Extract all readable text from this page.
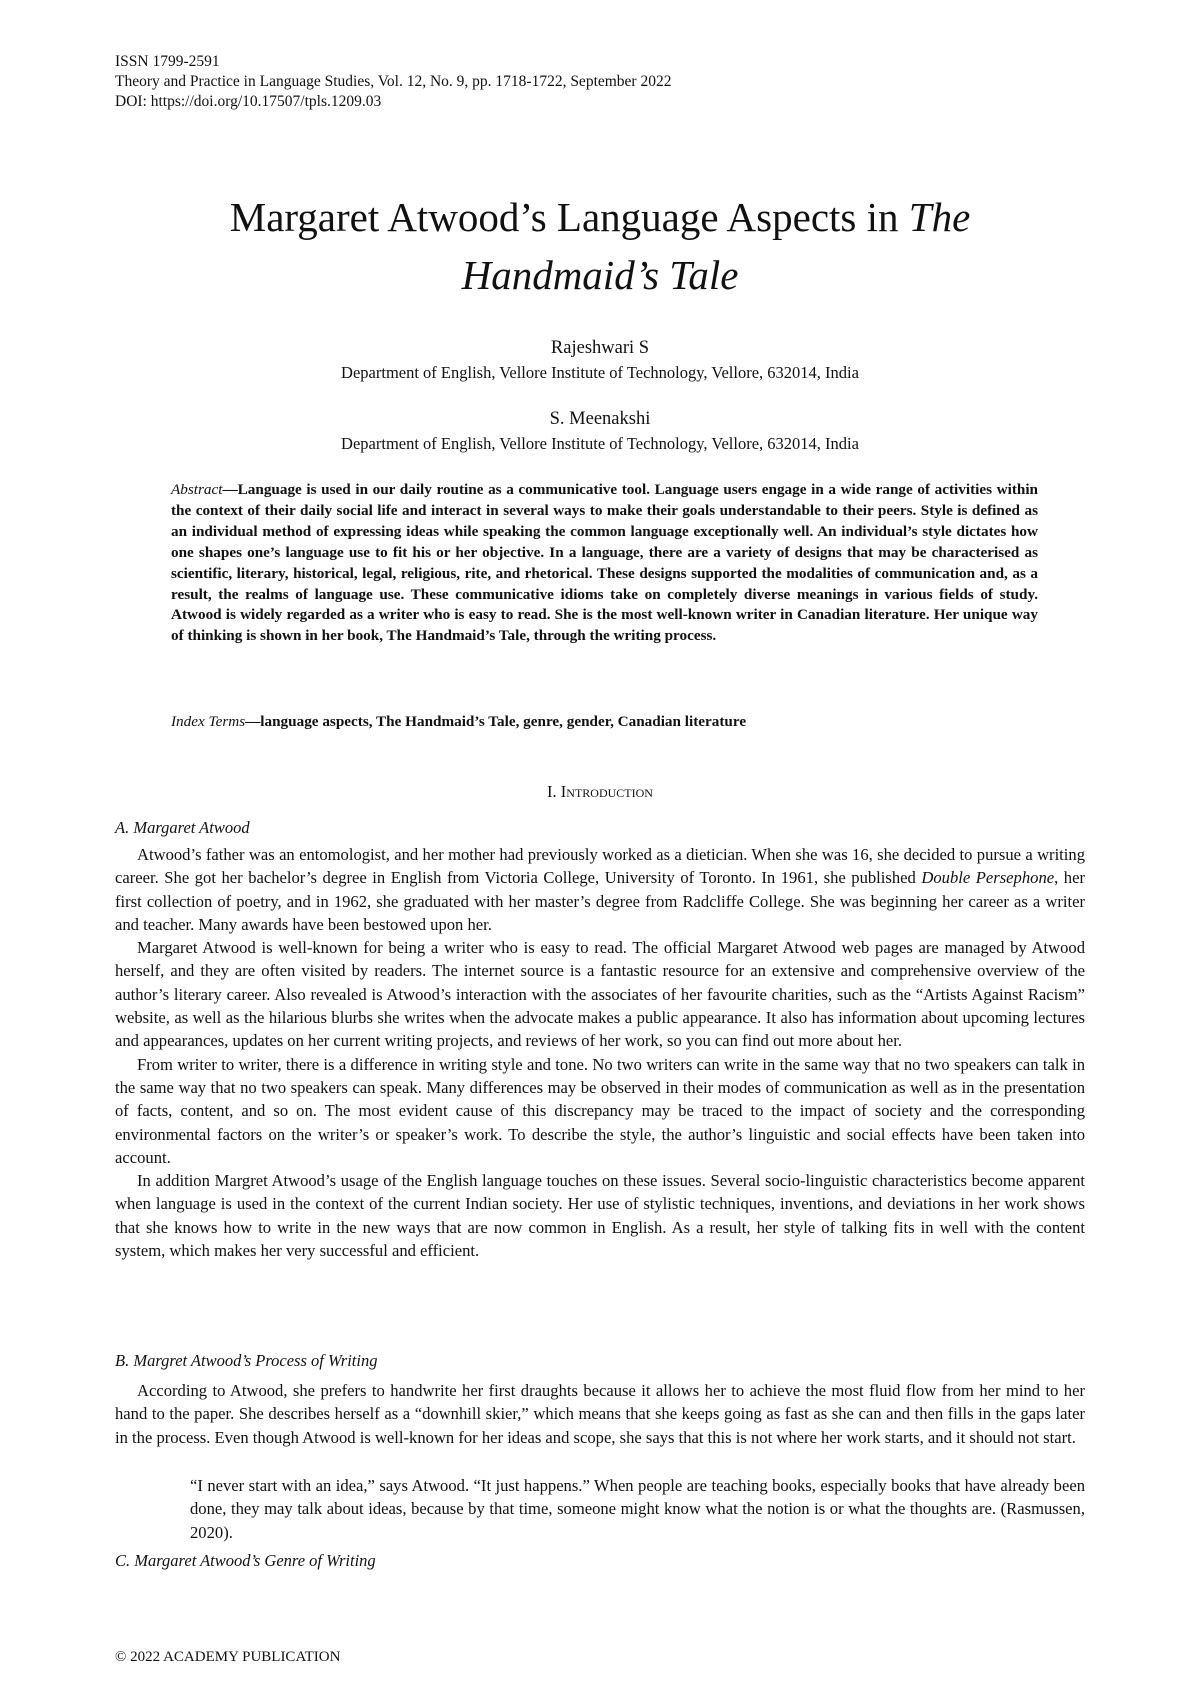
ISSN 1799-2591
Theory and Practice in Language Studies, Vol. 12, No. 9, pp. 1718-1722, September 2022
DOI: https://doi.org/10.17507/tpls.1209.03
Margaret Atwood’s Language Aspects in The
Handmaid’s Tale
Rajeshwari S
Department of English, Vellore Institute of Technology, Vellore, 632014, India
S. Meenakshi
Department of English, Vellore Institute of Technology, Vellore, 632014, India
Abstract—Language is used in our daily routine as a communicative tool. Language users engage in a wide range of activities within the context of their daily social life and interact in several ways to make their goals understandable to their peers. Style is defined as an individual method of expressing ideas while speaking the common language exceptionally well. An individual’s style dictates how one shapes one’s language use to fit his or her objective. In a language, there are a variety of designs that may be characterised as scientific, literary, historical, legal, religious, rite, and rhetorical. These designs supported the modalities of communication and, as a result, the realms of language use. These communicative idioms take on completely diverse meanings in various fields of study. Atwood is widely regarded as a writer who is easy to read. She is the most well-known writer in Canadian literature. Her unique way of thinking is shown in her book, The Handmaid’s Tale, through the writing process.
Index Terms—language aspects, The Handmaid’s Tale, genre, gender, Canadian literature
I. Introduction
A. Margaret Atwood

Atwood’s father was an entomologist, and her mother had previously worked as a dietician. When she was 16, she decided to pursue a writing career. She got her bachelor’s degree in English from Victoria College, University of Toronto. In 1961, she published Double Persephone, her first collection of poetry, and in 1962, she graduated with her master’s degree from Radcliffe College. She was beginning her career as a writer and teacher. Many awards have been bestowed upon her.

Margaret Atwood is well-known for being a writer who is easy to read. The official Margaret Atwood web pages are managed by Atwood herself, and they are often visited by readers. The internet source is a fantastic resource for an extensive and comprehensive overview of the author’s literary career. Also revealed is Atwood’s interaction with the associates of her favourite charities, such as the “Artists Against Racism” website, as well as the hilarious blurbs she writes when the advocate makes a public appearance. It also has information about upcoming lectures and appearances, updates on her current writing projects, and reviews of her work, so you can find out more about her.

From writer to writer, there is a difference in writing style and tone. No two writers can write in the same way that no two speakers can talk in the same way that no two speakers can speak. Many differences may be observed in their modes of communication as well as in the presentation of facts, content, and so on. The most evident cause of this discrepancy may be traced to the impact of society and the corresponding environmental factors on the writer’s or speaker’s work. To describe the style, the author’s linguistic and social effects have been taken into account.

In addition Margret Atwood’s usage of the English language touches on these issues. Several socio-linguistic characteristics become apparent when language is used in the context of the current Indian society. Her use of stylistic techniques, inventions, and deviations in her work shows that she knows how to write in the new ways that are now common in English. As a result, her style of talking fits in well with the content system, which makes her very successful and efficient.

B. Margret Atwood’s Process of Writing

According to Atwood, she prefers to handwrite her first draughts because it allows her to achieve the most fluid flow from her mind to her hand to the paper. She describes herself as a “downhill skier,” which means that she keeps going as fast as she can and then fills in the gaps later in the process. Even though Atwood is well-known for her ideas and scope, she says that this is not where her work starts, and it should not start.

“I never start with an idea,” says Atwood. “It just happens.” When people are teaching books, especially books that have already been done, they may talk about ideas, because by that time, someone might know what the notion is or what the thoughts are. (Rasmussen, 2020).
C. Margaret Atwood’s Genre of Writing
© 2022 ACADEMY PUBLICATION
